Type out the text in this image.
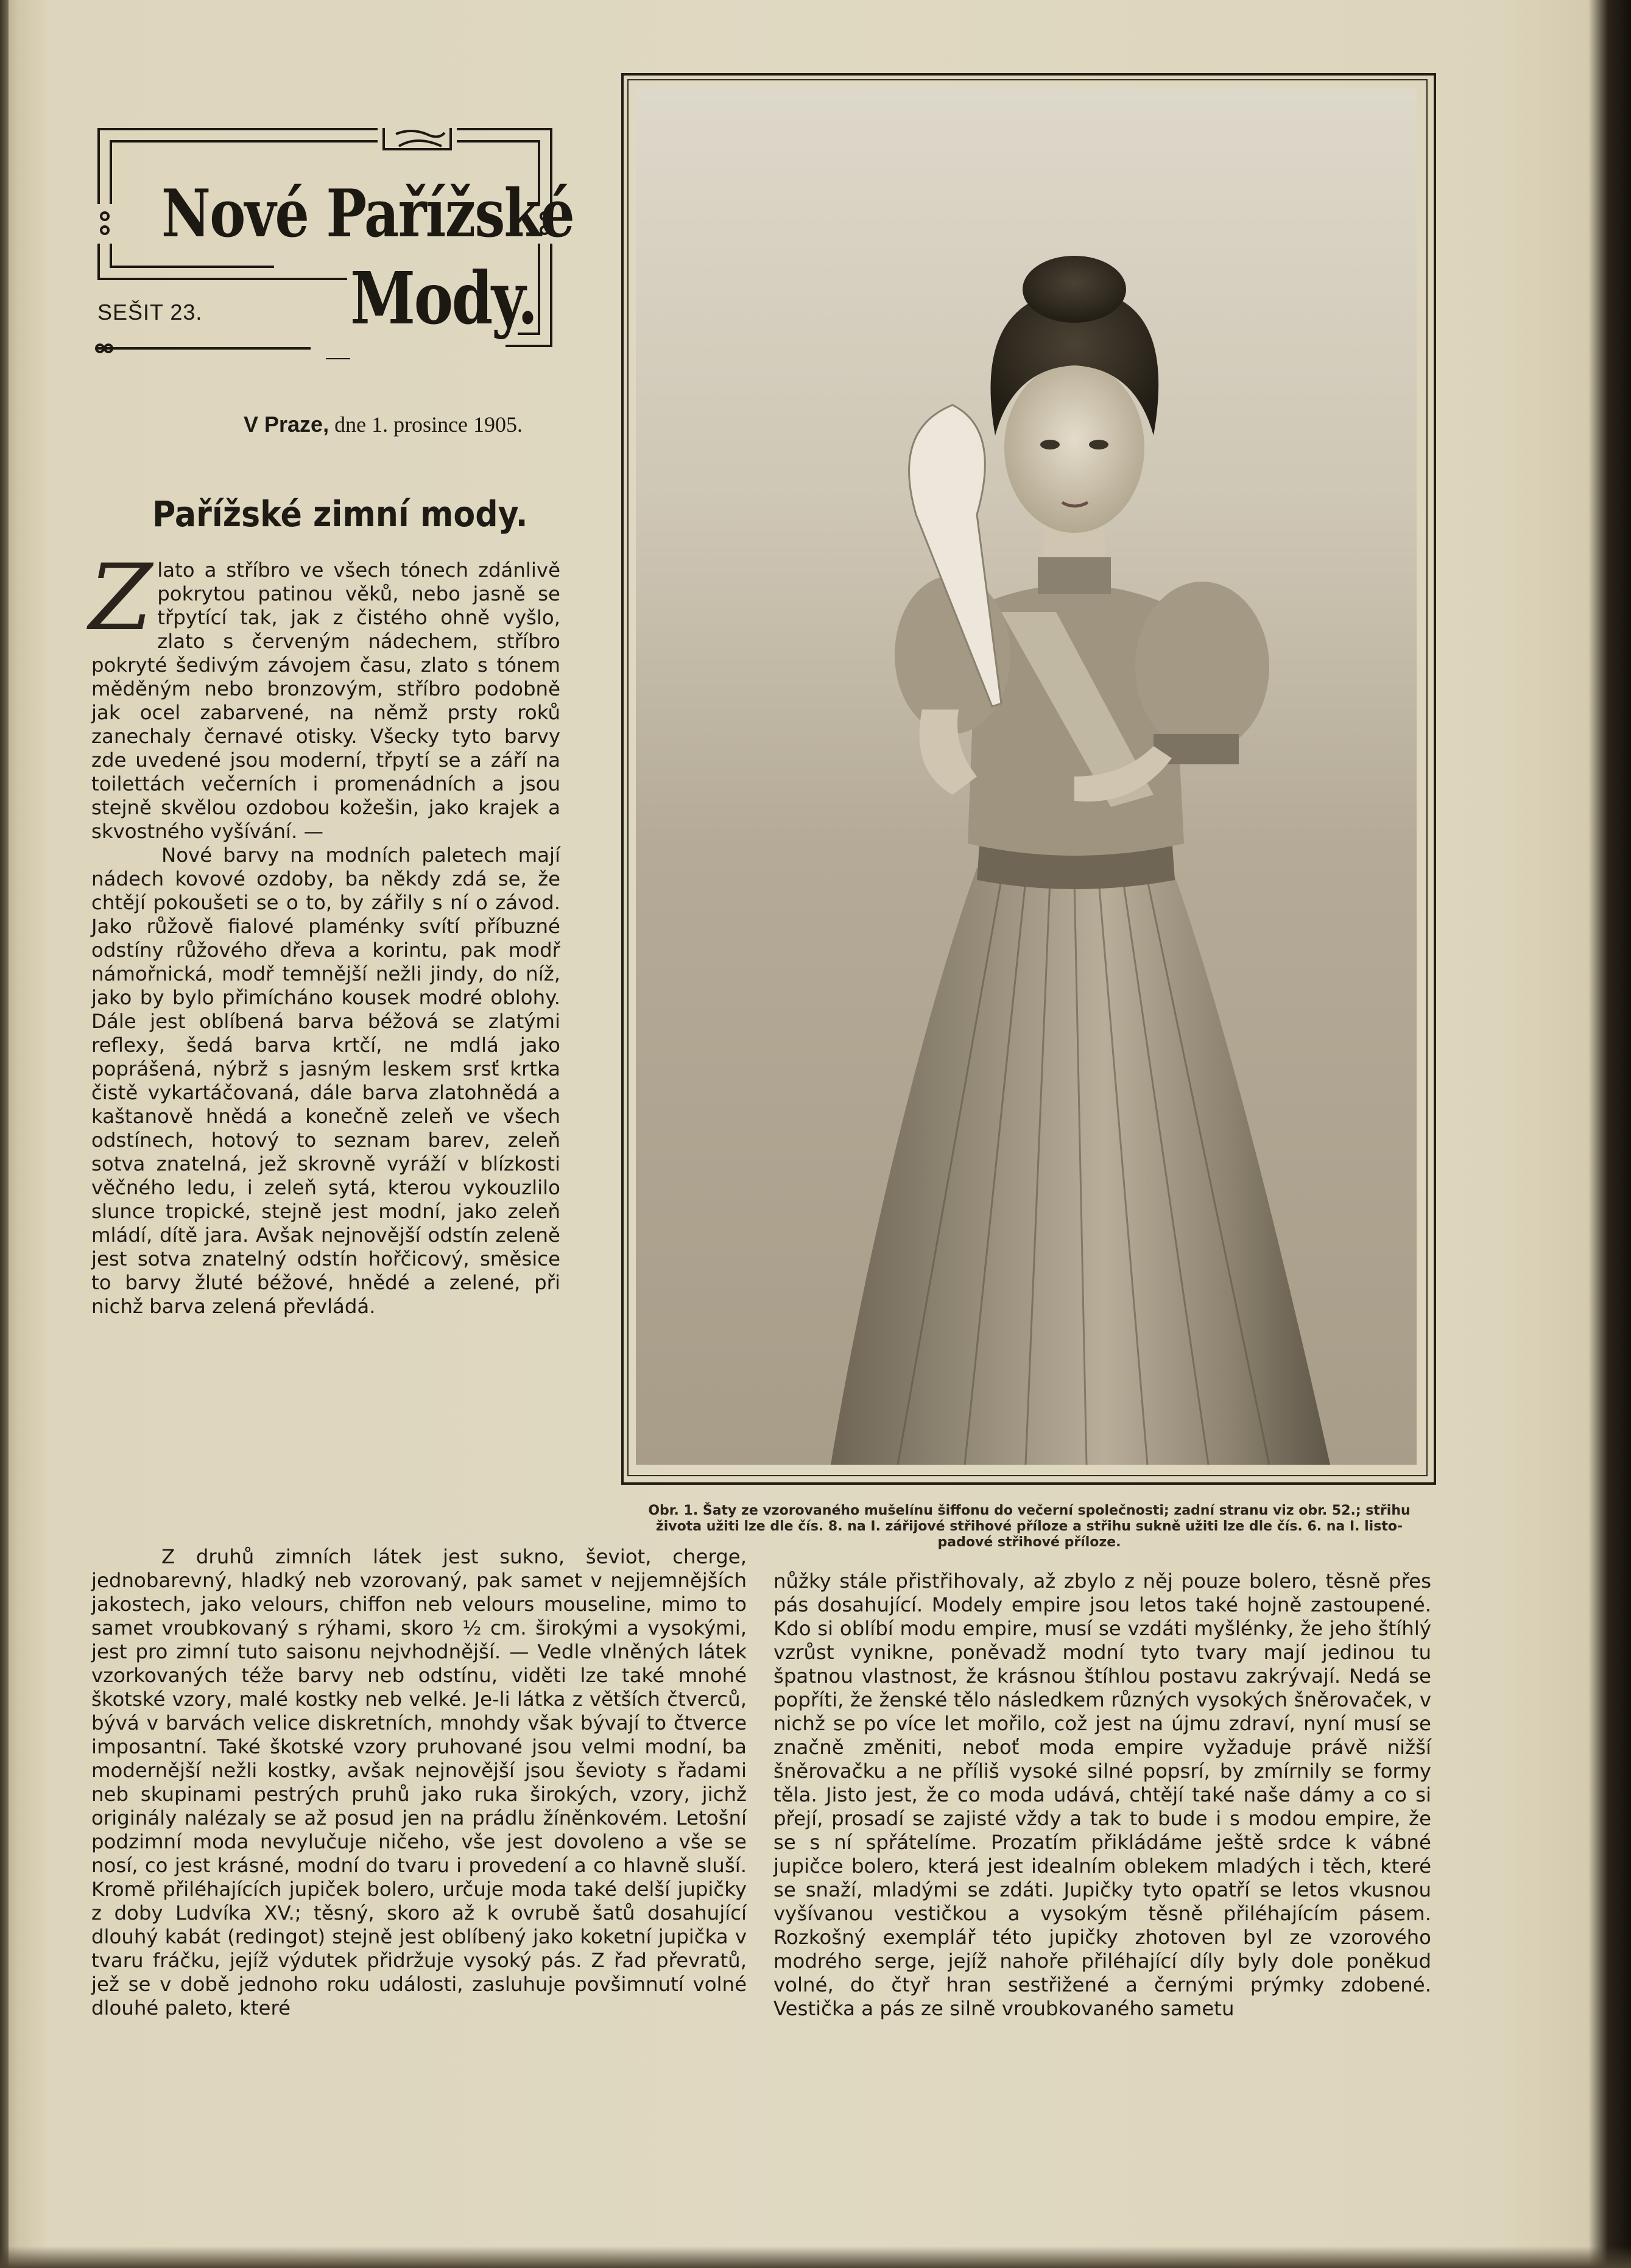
Nové Pařížské
Mody.
SEŠIT 23.
V Praze, dne 1. prosince 1905.
Pařížské zimní mody.

Zlato a stříbro ve všech tónech zdánlivě pokrytou patinou věků, nebo jasně se třpytící tak, jak z čistého ohně vyšlo, zlato s červeným nádechem, stříbro pokryté šedivým závojem času, zlato s tónem měděným nebo bronzovým, stříbro podobně jak ocel zabarvené, na němž prsty roků zanechaly černavé otisky. Všecky tyto barvy zde uvedené jsou moderní, třpytí se a září na toilettách večerních i promenádních a jsou stejně skvělou ozdobou kožešin, jako krajek a skvostného vyšívání. —

Nové barvy na modních paletech mají nádech kovové ozdoby, ba někdy zdá se, že chtějí pokoušeti se o to, by zářily s ní o závod. Jako růžově fialové plaménky svítí příbuzné odstíny růžového dřeva a korintu, pak modř námořnická, modř temnější nežli jindy, do níž, jako by bylo přimícháno kousek modré oblohy. Dále jest oblíbená barva béžová se zlatými reflexy, šedá barva krtčí, ne mdlá jako poprášená, nýbrž s jasným leskem srsť krtka čistě vykartáčovaná, dále barva zlatohnědá a kaštanově hnědá a konečně zeleň ve všech odstínech, hotový to seznam barev, zeleň sotva znatelná, jež skrovně vyráží v blízkosti věčného ledu, i zeleň sytá, kterou vykouzlilo slunce tropické, stejně jest modní, jako zeleň mládí, dítě jara. Avšak nejnovější odstín zeleně jest sotva znatelný odstín hořčicový, směsice to barvy žluté béžové, hnědé a zelené, při nichž barva zelená převládá.

Z druhů zimních látek jest sukno, ševiot, cherge, jednobarevný, hladký neb vzorovaný, pak samet v nejjemnějších jakostech, jako velours, chiffon neb velours mouseline, mimo to samet vroubkovaný s rýhami, skoro ½ cm. širokými a vysokými, jest pro zimní tuto saisonu nejvhodnější. — Vedle vlněných látek vzorkovaných téže barvy neb odstínu, viděti lze také mnohé škotské vzory, malé kostky neb velké. Je-li látka z větších čtverců, bývá v barvách velice diskretních, mnohdy však bývají to čtverce imposantní. Také škotské vzory pruhované jsou velmi modní, ba modernější nežli kostky, avšak nejnovější jsou ševioty s řadami neb skupinami pestrých pruhů jako ruka širokých, vzory, jichž originály nalézaly se až posud jen na prádlu žíněnkovém. Letošní podzimní moda nevylučuje ničeho, vše jest dovoleno a vše se nosí, co jest krásné, modní do tvaru i provedení a co hlavně sluší. Kromě přiléhajících jupiček bolero, určuje moda také delší jupičky z doby Ludvíka XV.; těsný, skoro až k ovrubě šatů dosahující dlouhý kabát (redingot) stejně jest oblíbený jako koketní jupička v tvaru fráčku, jejíž výdutek přidržuje vysoký pás. Z řad převratů, jež se v době jednoho roku události, zasluhuje povšimnutí volné dlouhé paleto, které

nůžky stále přistřihovaly, až zbylo z něj pouze bolero, těsně přes pás dosahující. Modely empire jsou letos také hojně zastoupené. Kdo si oblíbí modu empire, musí se vzdáti myšlénky, že jeho štíhlý vzrůst vynikne, poněvadž modní tyto tvary mají jedinou tu špatnou vlastnost, že krásnou štíhlou postavu zakrývají. Nedá se popříti, že ženské tělo následkem různých vysokých šněrovaček, v nichž se po více let mořilo, což jest na újmu zdraví, nyní musí se značně změniti, neboť moda empire vyžaduje právě nižší šněrovačku a ne příliš vysoké silné popsrí, by zmírnily se formy těla. Jisto jest, že co moda udává, chtějí také naše dámy a co si přejí, prosadí se zajisté vždy a tak to bude i s modou empire, že se s ní spřátelíme. Prozatím přikládáme ještě srdce k vábné jupičce bolero, která jest idealním oblekem mladých i těch, které se snaží, mladými se zdáti. Jupičky tyto opatří se letos vkusnou vyšívanou vestičkou a vysokým těsně přiléhajícím pásem. Rozkošný exemplář této jupičky zhotoven byl ze vzorového modrého serge, jejíž nahoře přiléhající díly byly dole poněkud volné, do čtyř hran sestřižené a černými prýmky zdobené. Vestička a pás ze silně vroubkovaného sametu

Obr. 1. Šaty ze vzorovaného mušelínu šiffonu do večerní společnosti; zadní stranu viz obr. 52.; střihu
života užiti lze dle čís. 8. na I. zářijové střihové příloze a střihu sukně užiti lze dle čís. 6. na I. listo-
padové střihové příloze.
